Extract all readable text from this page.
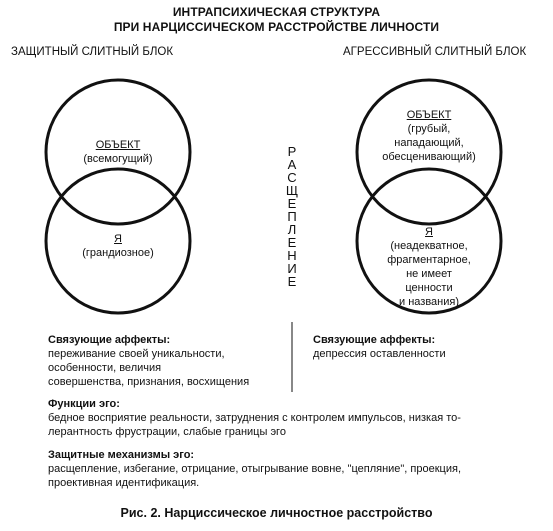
ИНТРАПСИХИЧЕСКАЯ СТРУКТУРА
ПРИ НАРЦИССИЧЕСКОМ РАССТРОЙСТВЕ ЛИЧНОСТИ
ЗАЩИТНЫЙ СЛИТНЫЙ БЛОК	АГРЕССИВНЫЙ СЛИТНЫЙ БЛОК
ОБЪЕКТ
(всемогущий)
Я
(грандиозное)
ОБЪЕКТ
(грубый,
нападающий,
обесценивающий)
Я
(неадекватное,
фрагментарное,
не имеет
ценности
и названия)
Р
А
С
Щ
Е
П
Л
Е
Н
И
Е
Связующие аффекты:
переживание своей уникальности,
особенности, величия
совершенства, признания, восхищения
Связующие аффекты:
депрессия оставленности
Функции эго:
бедное восприятие реальности, затруднения с контролем импульсов, низкая то-
лерантность фрустрации, слабые границы эго
Защитные механизмы эго:
расщепление, избегание, отрицание, отыгрывание вовне, "цепляние", проекция,
проективная идентификация.
Рис. 2. Нарциссическое личностное расстройство
